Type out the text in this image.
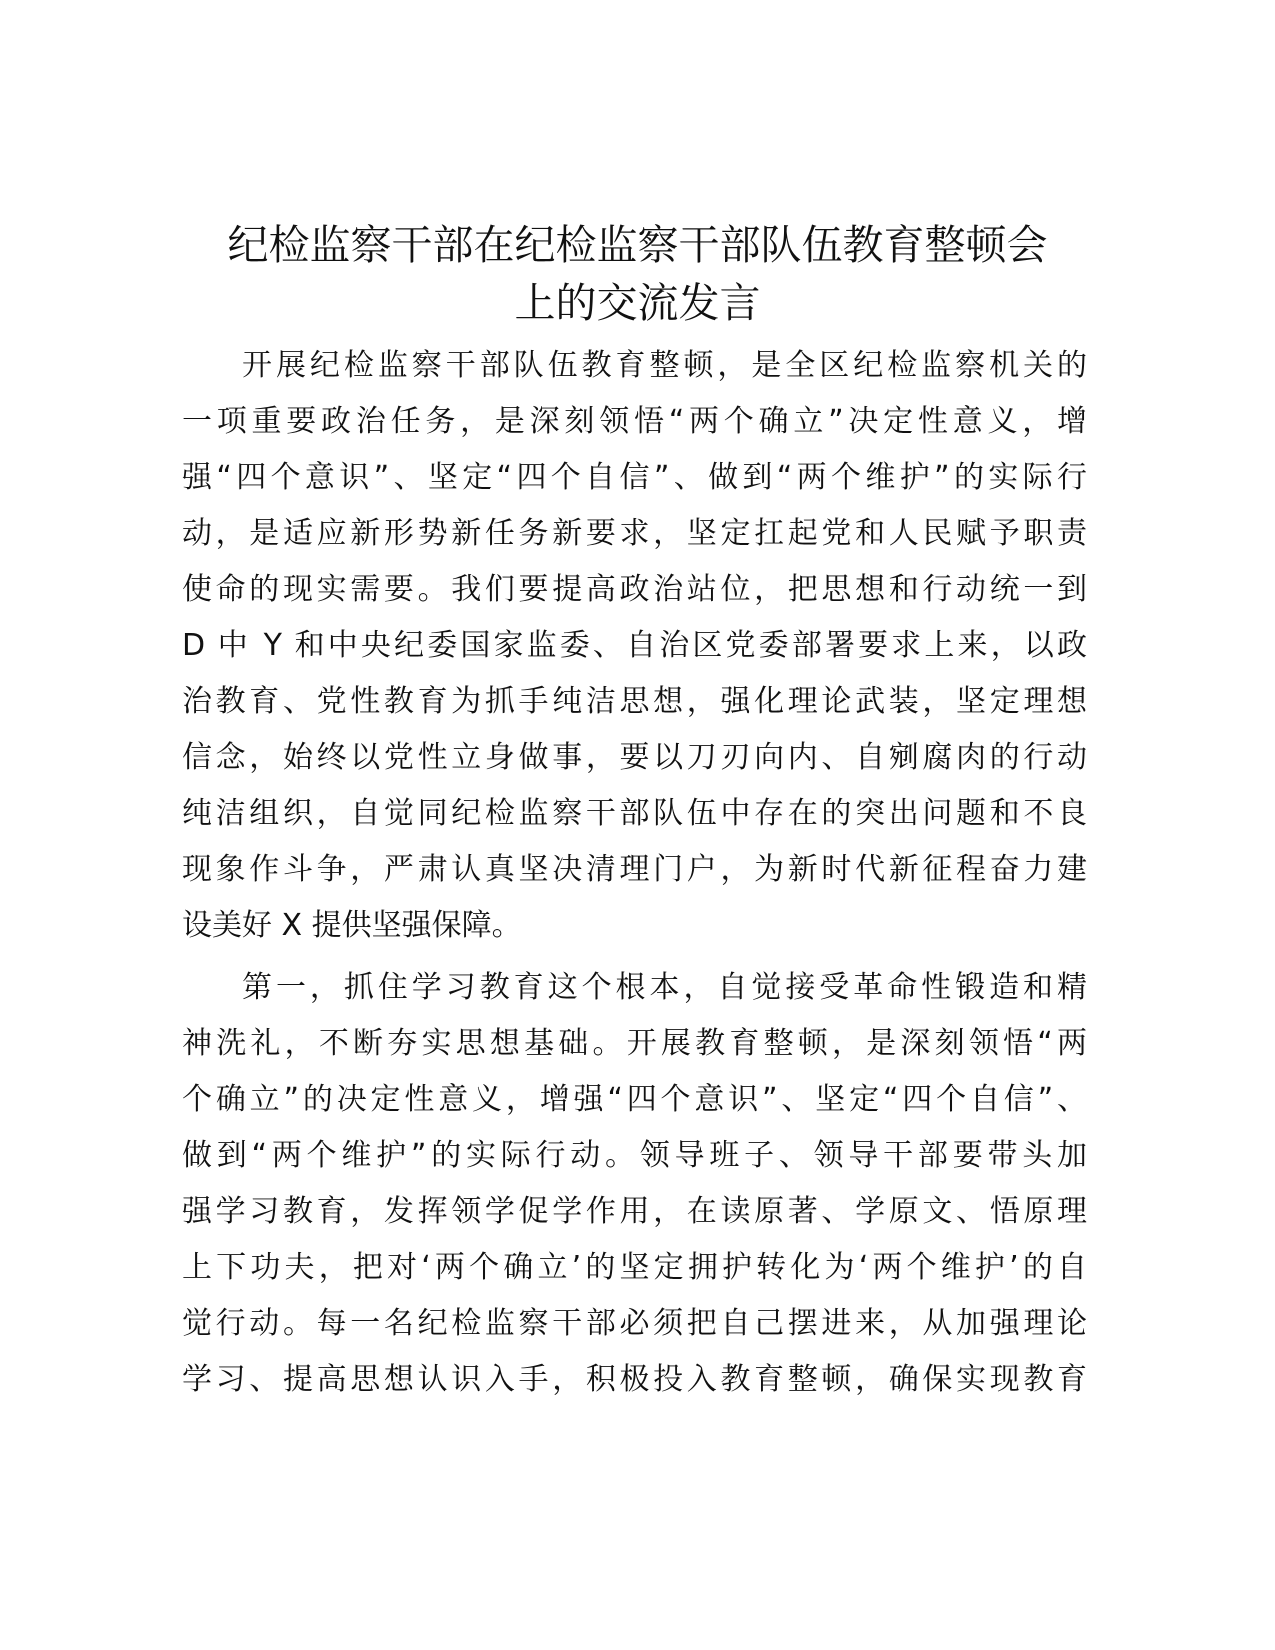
纪检监察干部在纪检监察干部队伍教育整顿会
上的交流发言

开展纪检监察干部队伍教育整顿，是全区纪检监察机关的
一项重要政治任务，是深刻领悟“两个确立”决定性意义，增
强“四个意识”、坚定“四个自信”、做到“两个维护”的实际行
动，是适应新形势新任务新要求，坚定扛起党和人民赋予职责
使命的现实需要。我们要提高政治站位，把思想和行动统一到
D 中 Y 和中央纪委国家监委、自治区党委部署要求上来，以政
治教育、党性教育为抓手纯洁思想，强化理论武装，坚定理想
信念，始终以党性立身做事，要以刀刃向内、自剜腐肉的行动
纯洁组织，自觉同纪检监察干部队伍中存在的突出问题和不良
现象作斗争，严肃认真坚决清理门户，为新时代新征程奋力建
设美好 X 提供坚强保障。

第一，抓住学习教育这个根本，自觉接受革命性锻造和精
神洗礼，不断夯实思想基础。开展教育整顿，是深刻领悟“两
个确立”的决定性意义，增强“四个意识”、坚定“四个自信”、
做到“两个维护”的实际行动。领导班子、领导干部要带头加
强学习教育，发挥领学促学作用，在读原著、学原文、悟原理
上下功夫，把对‘两个确立’的坚定拥护转化为‘两个维护’的自
觉行动。每一名纪检监察干部必须把自己摆进来，从加强理论
学习、提高思想认识入手，积极投入教育整顿，确保实现教育
